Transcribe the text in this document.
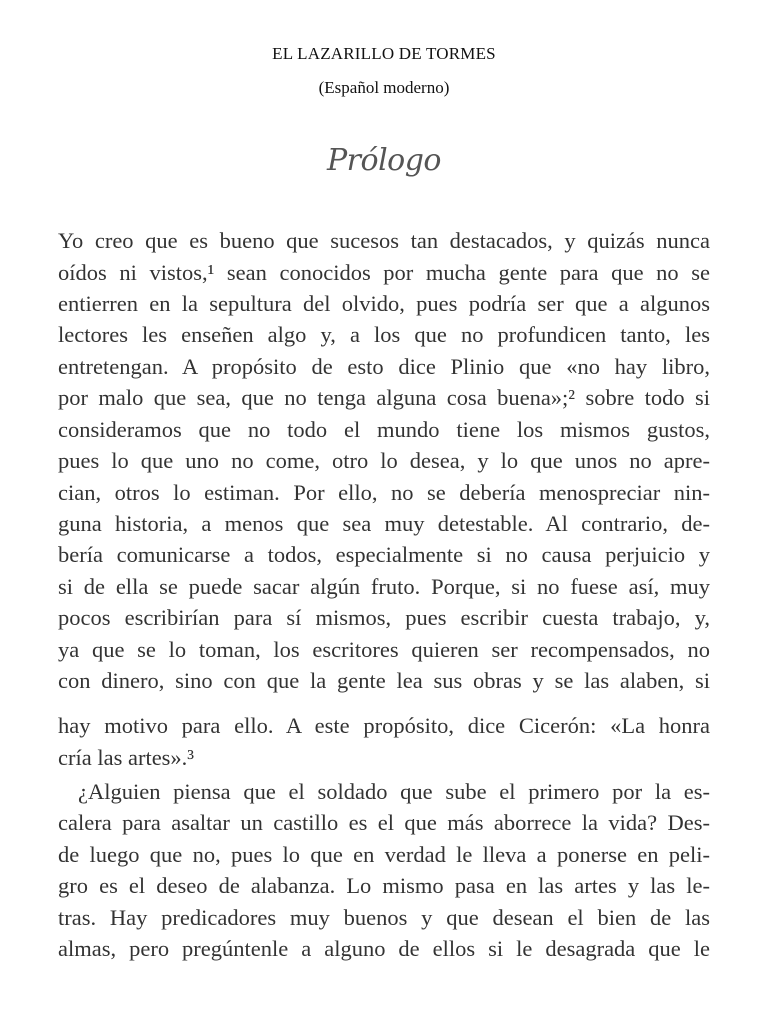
EL LAZARILLO DE TORMES
(Español moderno)
Prólogo
Yo creo que es bueno que sucesos tan destacados, y quizás nunca
oídos ni vistos,¹ sean conocidos por mucha gente para que no se
entierren en la sepultura del olvido, pues podría ser que a algunos
lectores les enseñen algo y, a los que no profundicen tanto, les
entretengan. A propósito de esto dice Plinio que «no hay libro,
por malo que sea, que no tenga alguna cosa buena»;² sobre todo si
consideramos que no todo el mundo tiene los mismos gustos,
pues lo que uno no come, otro lo desea, y lo que unos no apre-
cian, otros lo estiman. Por ello, no se debería menospreciar nin-
guna historia, a menos que sea muy detestable. Al contrario, de-
bería comunicarse a todos, especialmente si no causa perjuicio y
si de ella se puede sacar algún fruto. Porque, si no fuese así, muy
pocos escribirían para sí mismos, pues escribir cuesta trabajo, y,
ya que se lo toman, los escritores quieren ser recompensados, no
con dinero, sino con que la gente lea sus obras y se las alaben, si
hay motivo para ello. A este propósito, dice Cicerón: «La honra
cría las artes».³
¿Alguien piensa que el soldado que sube el primero por la es-
calera para asaltar un castillo es el que más aborrece la vida? Des-
de luego que no, pues lo que en verdad le lleva a ponerse en peli-
gro es el deseo de alabanza. Lo mismo pasa en las artes y las le-
tras. Hay predicadores muy buenos y que desean el bien de las
almas, pero pregúntenle a alguno de ellos si le desagrada que le
